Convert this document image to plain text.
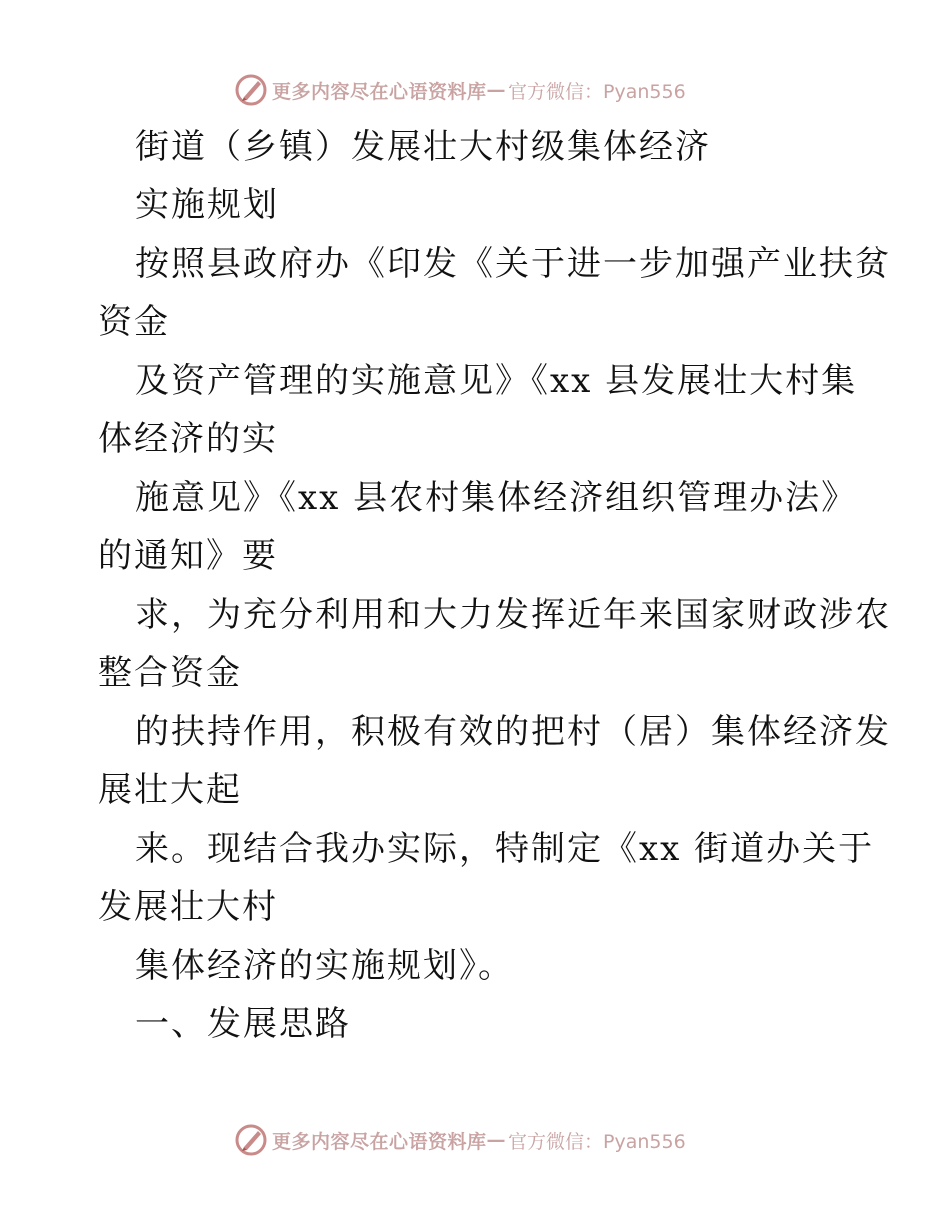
更多内容尽在心语资料库 — 官方微信：Pyan556
街道（乡镇）发展壮大村级集体经济
实施规划
按照县政府办《印发《关于进一步加强产业扶贫
资金
及资产管理的实施意见》《xx 县发展壮大村集
体经济的实
施意见》《xx 县农村集体经济组织管理办法》
的通知》要
求，为充分利用和大力发挥近年来国家财政涉农
整合资金
的扶持作用，积极有效的把村（居）集体经济发
展壮大起
来。现结合我办实际，特制定《xx 街道办关于
发展壮大村
集体经济的实施规划》。
一、发展思路
更多内容尽在心语资料库 — 官方微信：Pyan556
